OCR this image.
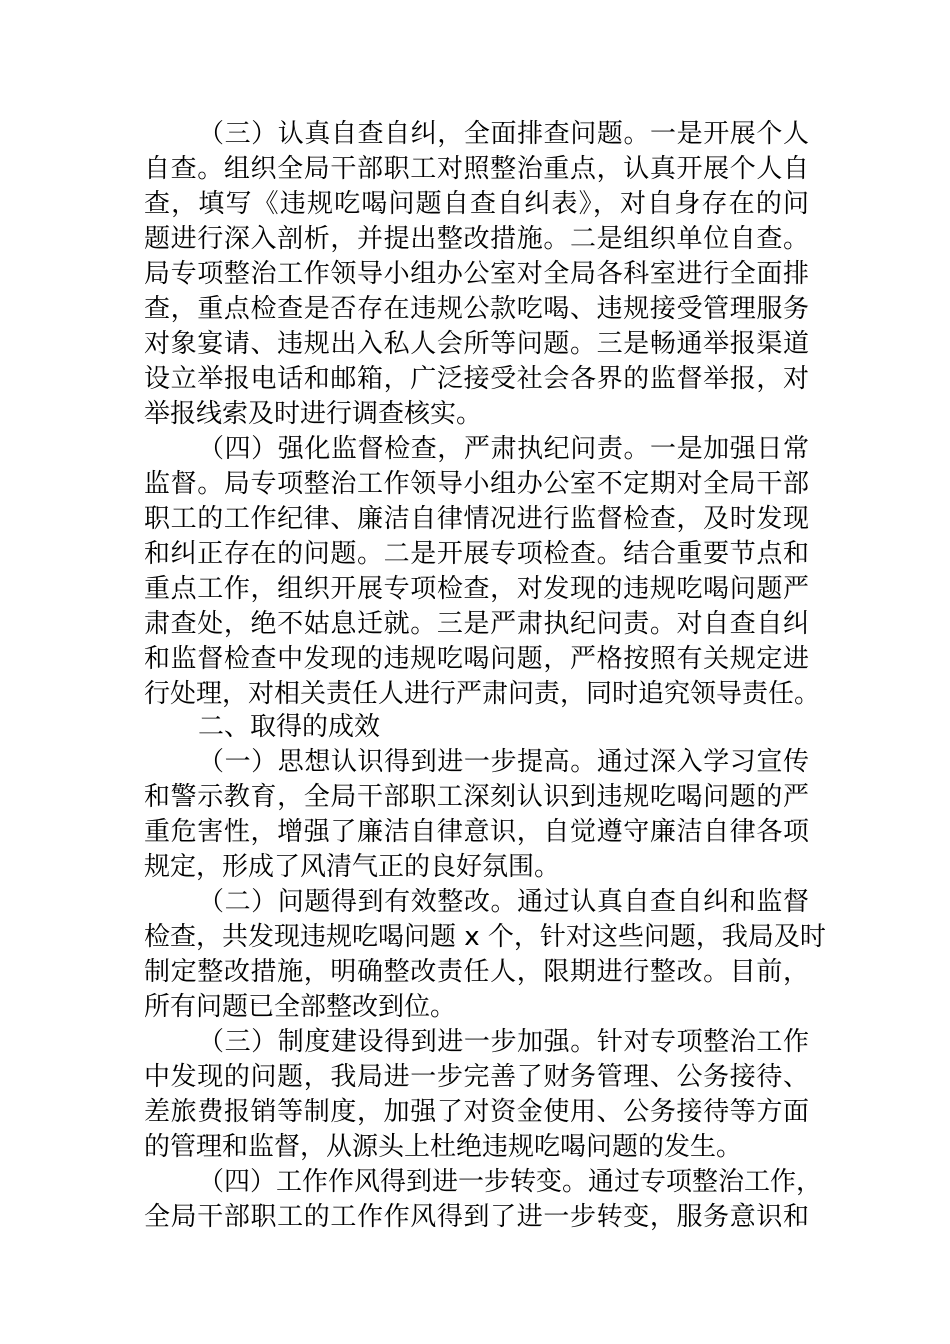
（三）认真自查自纠，全面排查问题。一是开展个人
自查。组织全局干部职工对照整治重点，认真开展个人自
查，填写《违规吃喝问题自查自纠表》，对自身存在的问
题进行深入剖析，并提出整改措施。二是组织单位自查。
局专项整治工作领导小组办公室对全局各科室进行全面排
查，重点检查是否存在违规公款吃喝、违规接受管理服务
对象宴请、违规出入私人会所等问题。三是畅通举报渠道
设立举报电话和邮箱，广泛接受社会各界的监督举报，对
举报线索及时进行调查核实。
（四）强化监督检查，严肃执纪问责。一是加强日常
监督。局专项整治工作领导小组办公室不定期对全局干部
职工的工作纪律、廉洁自律情况进行监督检查，及时发现
和纠正存在的问题。二是开展专项检查。结合重要节点和
重点工作，组织开展专项检查，对发现的违规吃喝问题严
肃查处，绝不姑息迁就。三是严肃执纪问责。对自查自纠
和监督检查中发现的违规吃喝问题，严格按照有关规定进
行处理，对相关责任人进行严肃问责，同时追究领导责任。
二、取得的成效
（一）思想认识得到进一步提高。通过深入学习宣传
和警示教育，全局干部职工深刻认识到违规吃喝问题的严
重危害性，增强了廉洁自律意识，自觉遵守廉洁自律各项
规定，形成了风清气正的良好氛围。
（二）问题得到有效整改。通过认真自查自纠和监督
检查，共发现违规吃喝问题 x 个，针对这些问题，我局及时
制定整改措施，明确整改责任人，限期进行整改。目前，
所有问题已全部整改到位。
（三）制度建设得到进一步加强。针对专项整治工作
中发现的问题，我局进一步完善了财务管理、公务接待、
差旅费报销等制度，加强了对资金使用、公务接待等方面
的管理和监督，从源头上杜绝违规吃喝问题的发生。
（四）工作作风得到进一步转变。通过专项整治工作，
全局干部职工的工作作风得到了进一步转变，服务意识和
